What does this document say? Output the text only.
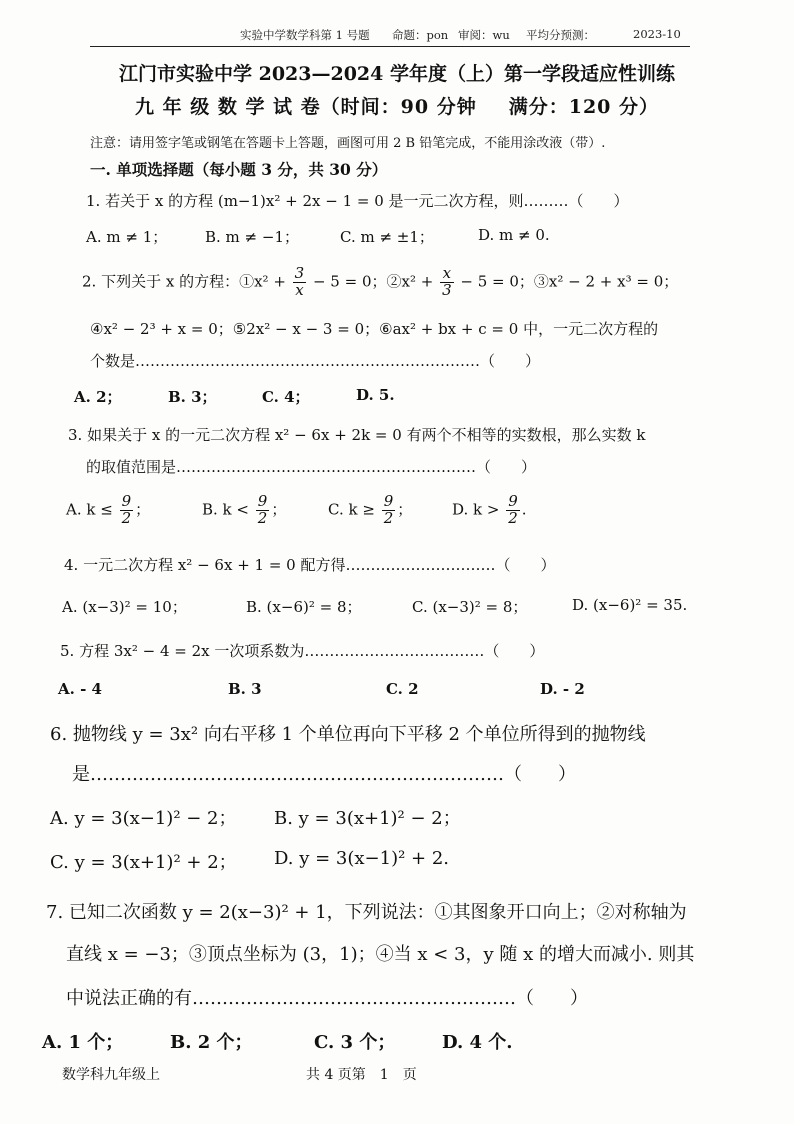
实验中学数学科第 1 号题 命题：pon 审阅：wu 平均分预测：	2023-10
江门市实验中学 2023—2024 学年度（上）第一学段适应性训练
九 年 级 数 学 试 卷（时间：90 分钟 满分：120 分）
注意：请用签字笔或钢笔在答题卡上答题，画图可用 2 B 铅笔完成，不能用涂改液（带）.
一. 单项选择题（每小题 3 分，共 30 分）
1. 若关于 x 的方程 (m−1)x² + 2x − 1 = 0 是一元二次方程，则………（　　）
A. m ≠ 1；	B. m ≠ −1；	C. m ≠ ±1；	D. m ≠ 0.
2. 下列关于 x 的方程：①x² + $\frac{3}{x} - 5 = 0$；②x² + $\frac{x}{3} - 5 = 0$；③x² − 2 + x³ = 0；
④x² − 2³ + x = 0；⑤2x² − x − 3 = 0；⑥ax² + bx + c = 0 中，一元二次方程的
个数是……………………………………………………………（　　）
A. 2；	B. 3；	C. 4；	D. 5.
3. 如果关于 x 的一元二次方程 x² − 6x + 2k = 0 有两个不相等的实数根，那么实数 k
的取值范围是……………………………………………………（　　）
A. $k \le \frac{9}{2}$ ；	B. $k < \frac{9}{2}$ ；	C. $k \ge \frac{9}{2}$ ；	D. $k > \frac{9}{2}$ .
4. 一元二次方程 x² − 6x + 1 = 0 配方得…………………………（　　）
A. (x−3)² = 10；	B. (x−6)² = 8；	C. (x−3)² = 8；	D. (x−6)² = 35.
5. 方程 3x² − 4 = 2x 一次项系数为………………………………（　　）
A. - 4	B. 3	C. 2	D. - 2
6. 抛物线 y = 3x² 向右平移 1 个单位再向下平移 2 个单位所得到的抛物线
是……………………………………………………………（　　）
A. y = 3(x−1)² − 2； B. y = 3(x+1)² − 2；
C. y = 3(x+1)² + 2； D. y = 3(x−1)² + 2.
7. 已知二次函数 y = 2(x−3)² + 1，下列说法：①其图象开口向上；②对称轴为
直线 x = −3；③顶点坐标为 (3，1)；④当 x < 3，y 随 x 的增大而减小. 则其
中说法正确的有………………………………………………（　　）
A. 1 个；	B. 2 个；	C. 3 个；	D. 4 个.
数学科九年级上	共 4 页第　1　页
